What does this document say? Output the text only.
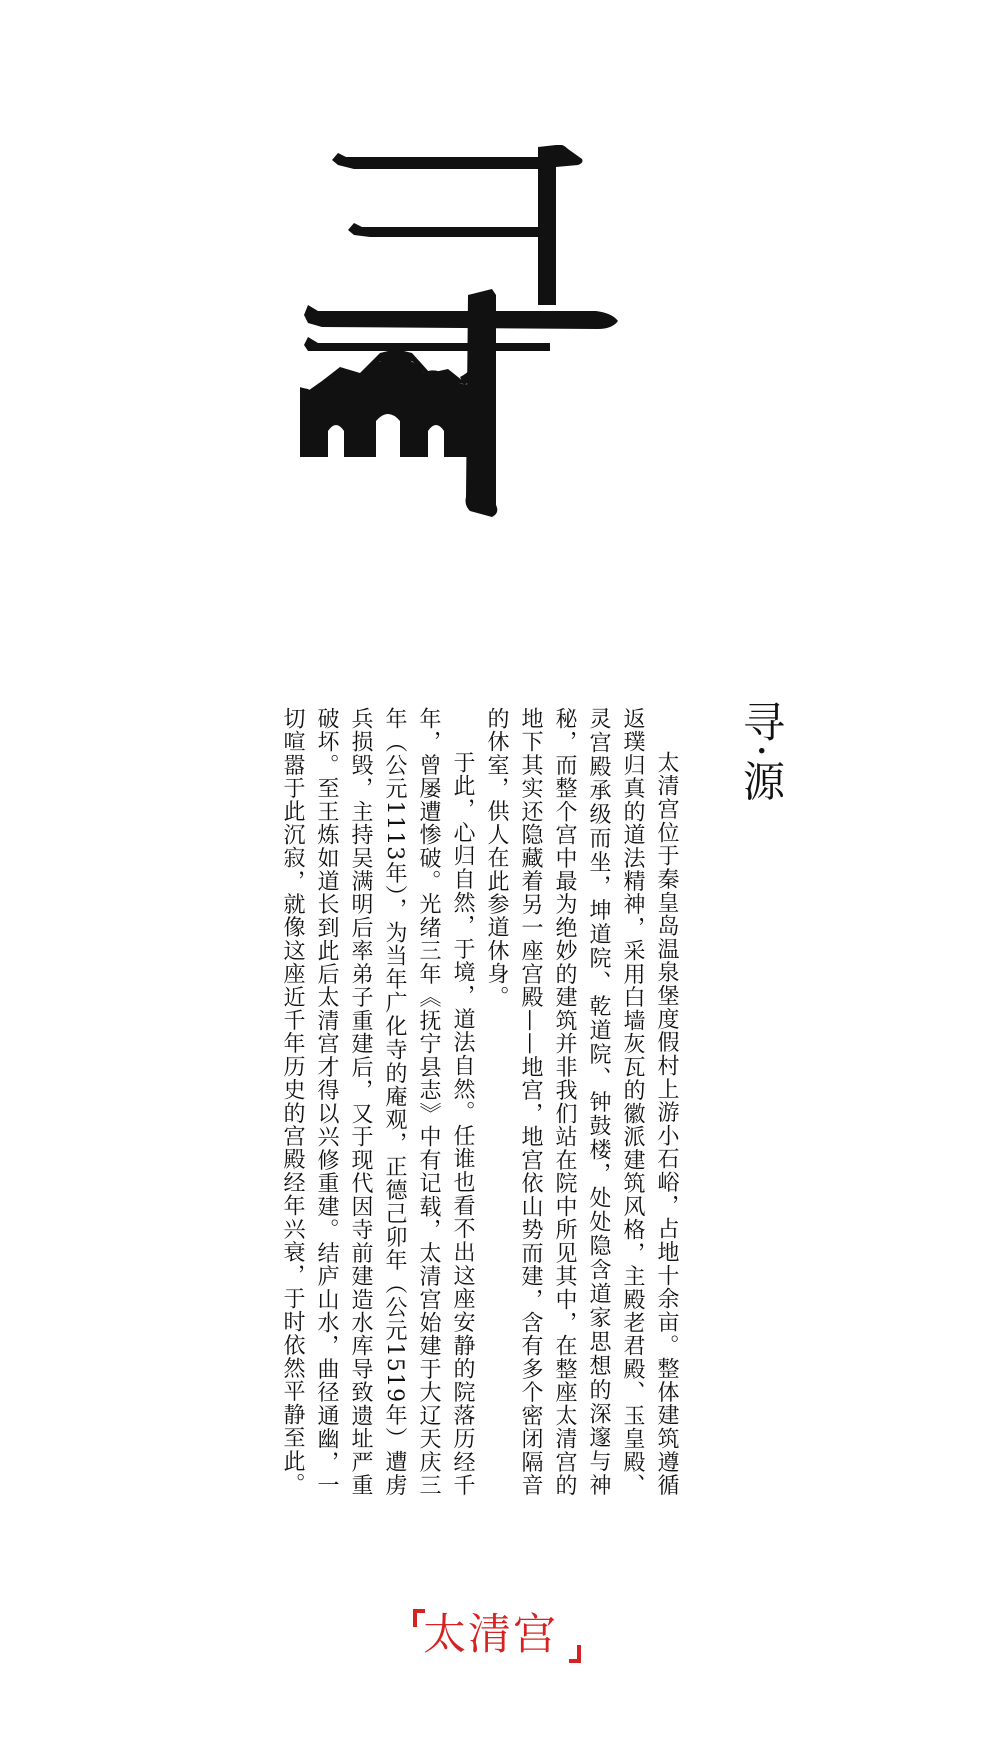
寻·源

太清宫位于秦皇岛温泉堡度假村上游小石峪，占地十余亩。整体建筑遵循返璞归真的道法精神，采用白墙灰瓦的徽派建筑风格，主殿老君殿、玉皇殿、灵宫殿承级而坐，坤道院、乾道院、钟鼓楼，处处隐含道家思想的深邃与神秘，而整个宫中最为绝妙的建筑并非我们站在院中所见其中，在整座太清宫的地下其实还隐藏着另一座宫殿——地宫，地宫依山势而建，含有多个密闭隔音的休室，供人在此参道休身。

于此，心归自然，于境，道法自然。任谁也看不出这座安静的院落历经千年，曾屡遭惨破。光绪三年《抚宁县志》中有记载，太清宫始建于大辽天庆三年（公元1113年），为当年广化寺的庵观，正德己卯年（公元1519年）遭虏兵损毁，主持吴满明后率弟子重建后，又于现代因寺前建造水库导致遗址严重破坏。至王炼如道长到此后太清宫才得以兴修重建。结庐山水，曲径通幽，一切喧嚣于此沉寂，就像这座近千年历史的宫殿经年兴衰，于时依然平静至此。

太清宫
